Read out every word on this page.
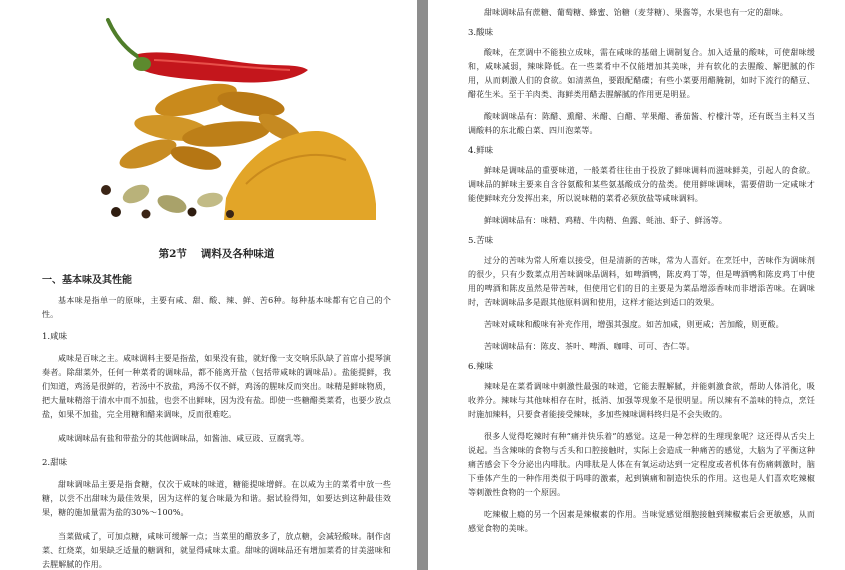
第2节 调料及各种味道
一、基本味及其性能

基本味是指单一的原味，主要有咸、甜、酸、辣、鲜、苦6种。每种基本味都有它自己的个性。

1.咸味

咸味是百味之主。咸味调料主要是指盐，如果没有盐，就好像一支交响乐队缺了首席小提琴演奏者。除甜菜外，任何一种菜肴的调味品，都不能离开盐（包括带咸味的调味品）。盐能提鲜，我们知道，鸡汤是很鲜的，若汤中不放盐，鸡汤不仅不鲜，鸡汤的腥味反而突出。味精是鲜味物质，把大量味精溶于清水中而不加盐，也尝不出鲜味，因为没有盐。即使一些糖醋类菜肴，也要少放点盐，如果不加盐，完全用糖和醋来调味，反而很难吃。

咸味调味品有盐和带盐分的其他调味品，如酱油、咸豆豉、豆腐乳等。

2.甜味

甜味调味品主要是指食糖，仅次于咸味的味道，糖能提味增鲜。在以咸为主的菜肴中放一些糖，以尝不出甜味为最佳效果，因为这样的复合味最为和谐。据试验得知，如要达到这种最佳效果，糖的施加量需为盐的30%～100%。

当菜做咸了，可加点糖，咸味可缓解一点；当菜里的醋放多了，放点糖，会减轻酸味。制作卤菜、红烧菜，如果缺乏适量的糖调和，就显得咸味太重。甜味的调味品还有增加菜肴的甘美滋味和去腥解腻的作用。

甜味调味品有蔗糖、葡萄糖、蜂蜜、饴糖（麦芽糖）、果酱等，水果也有一定的甜味。

3.酸味

酸味，在烹调中不能独立成味，需在咸味的基础上调制复合。加入适量的酸味，可使甜味缓和，咸味减弱，辣味降低。在一些菜肴中不仅能增加其美味，并有软化的去腥酸、解肥腻的作用，从而刺激人们的食欲。如清蒸鱼，要跟配醋碟；有些小菜要用醋腌制，如时下流行的醋豆、醋花生米。至于羊肉类、海鲜类用醋去腥解腻的作用更是明显。

酸味调味品有：陈醋、熏醋、米醋、白醋、苹果醋、番茄酱、柠檬汁等，还有既当主料又当调酸料的东北酸白菜、四川泡菜等。

4.鲜味

鲜味是调味品的重要味道，一般菜肴往往由于投放了鲜味调料而滋味鲜美，引起人的食欲。调味品的鲜味主要来自含谷氨酸和某些氨基酸成分的盐类。使用鲜味调味，需要借助一定咸味才能使鲜味充分发挥出来，所以说味精的菜肴必须放盐等咸味调料。

鲜味调味品有：味精、鸡精、牛肉精、鱼露、蚝油、虾子、鲜汤等。

5.苦味

过分的苦味为常人所难以接受，但是清新的苦味，常为人喜好。在烹饪中，苦味作为调味剂的很少，只有少数菜点用苦味调味品调料，如啤酒鸭，陈皮鸡丁等，但是啤酒鸭和陈皮鸡丁中使用的啤酒和陈皮虽然是带苦味，但使用它们的目的主要是为菜品增添香味而非增添苦味。在调味时，苦味调味品多是跟其他原料调和使用，这样才能达到适口的效果。

苦味对咸味和酸味有补充作用，增强其强度。如苦加咸，则更咸；苦加酸，则更酸。

苦味调味品有：陈皮、茶叶、啤酒、咖啡、可可、杏仁等。

6.辣味

辣味是在菜肴调味中刺激性最强的味道，它能去腥解腻，并能刺激食欲，帮助人体消化，吸收养分。辣味与其他味相存在时，抵消、加强等现象不是很明显。所以辣有不盖味的特点，烹饪时施加辣料，只要食者能接受辣味，多加些辣味调料终归是不会失败的。

很多人觉得吃辣时有种“痛并快乐着”的感觉。这是一种怎样的生理现象呢？这还得从舌尖上说起。当含辣味的食物与舌头和口腔接触时，实际上会造成一种痛苦的感觉，大脑为了平衡这种痛苦感会下令分泌出内啡肽。内啡肽是人体在有氧运动达到一定程度或者机体有伤痛刺激时，脑下垂体产生的一种作用类似于吗啡的激素，起到镇痛和制造快乐的作用。这也是人们喜欢吃辣椒等刺激性食物的一个原因。

吃辣椒上瘾的另一个因素是辣椒素的作用。当味觉感觉细胞接触到辣椒素后会更敏感，从而感觉食物的美味。
